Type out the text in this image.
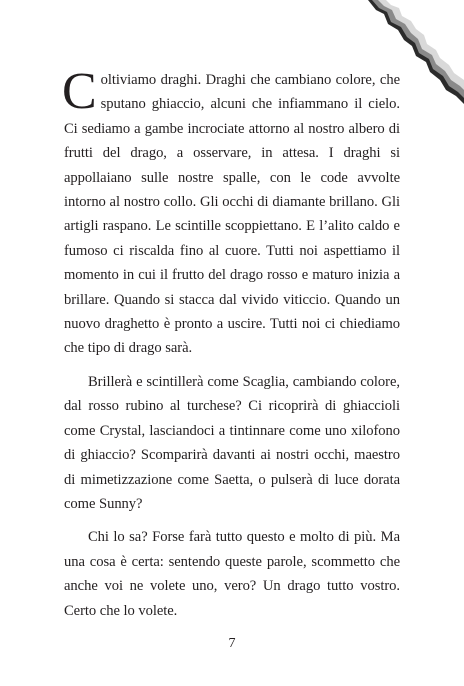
Coltiviamo draghi. Draghi che cambiano colore, che sputano ghiaccio, alcuni che infiammano il cielo. Ci sediamo a gambe incrociate attorno al nostro albero di frutti del drago, a osservare, in attesa. I draghi si appollaiano sulle nostre spalle, con le code avvolte intorno al nostro collo. Gli occhi di diamante brillano. Gli artigli raspano. Le scintille scoppiettano. E l’alito caldo e fumoso ci riscalda fino al cuore. Tutti noi aspettiamo il momento in cui il frutto del drago rosso e maturo inizia a brillare. Quando si stacca dal vivido viticcio. Quando un nuovo draghetto è pronto a uscire. Tutti noi ci chiediamo che tipo di drago sarà.

Brillerà e scintillerà come Scaglia, cambiando colore, dal rosso rubino al turchese? Ci ricoprirà di ghiaccioli come Crystal, lasciandoci a tintinnare come uno xilofono di ghiaccio? Scomparirà davanti ai nostri occhi, maestro di mimetizzazione come Saetta, o pulserà di luce dorata come Sunny?

Chi lo sa? Forse farà tutto questo e molto di più. Ma una cosa è certa: sentendo queste parole, scommetto che anche voi ne volete uno, vero? Un drago tutto vostro. Certo che lo volete.

7
